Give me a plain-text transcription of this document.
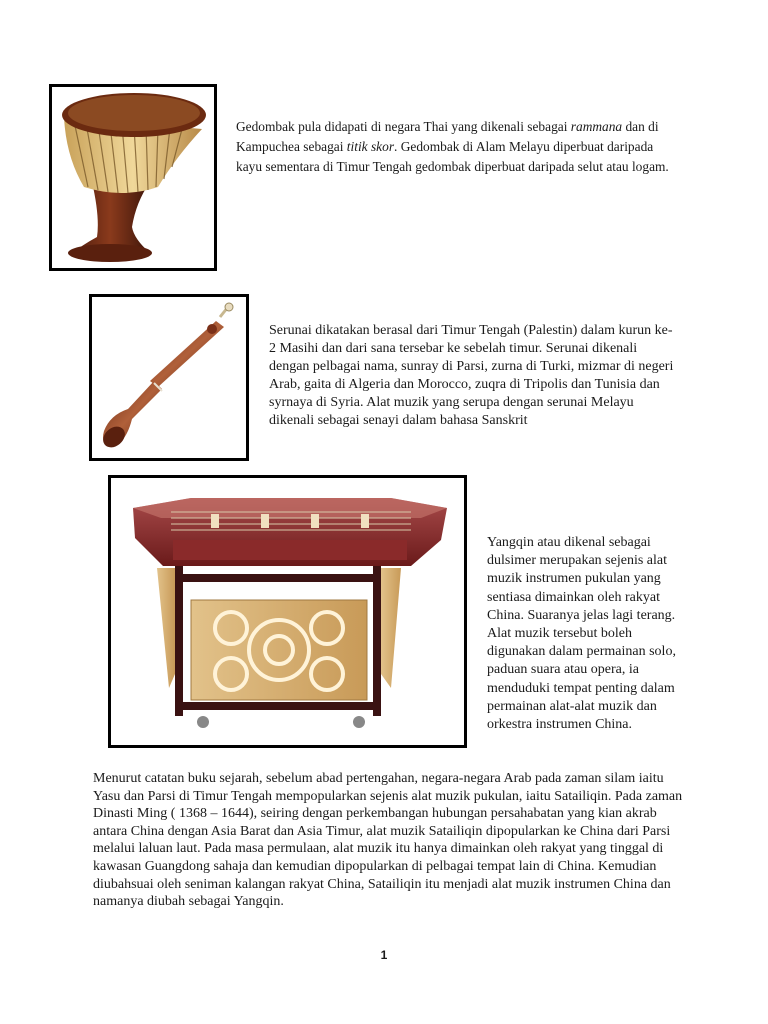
Gedombak pula didapati di negara Thai yang dikenali sebagai rammana dan di Kampuchea sebagai titik skor. Gedombak di Alam Melayu diperbuat daripada kayu sementara di Timur Tengah gedombak diperbuat daripada selut atau logam.

Serunai dikatakan berasal dari Timur Tengah (Palestin) dalam kurun ke-2 Masihi dan dari sana tersebar ke sebelah timur. Serunai dikenali dengan pelbagai nama, sunray di Parsi, zurna di Turki, mizmar di negeri Arab, gaita di Algeria dan Morocco, zuqra di Tripolis dan Tunisia dan syrnaya di Syria. Alat muzik yang serupa dengan serunai Melayu dikenali sebagai senayi dalam bahasa Sanskrit

Yangqin atau dikenal sebagai dulsimer merupakan sejenis alat muzik instrumen pukulan yang sentiasa dimainkan oleh rakyat China. Suaranya jelas lagi terang. Alat muzik tersebut boleh digunakan dalam permainan solo, paduan suara atau opera, ia menduduki tempat penting dalam permainan alat-alat muzik dan orkestra instrumen China.

Menurut catatan buku sejarah, sebelum abad pertengahan, negara-negara Arab pada zaman silam iaitu Yasu dan Parsi di Timur Tengah mempopularkan sejenis alat muzik pukulan, iaitu Satailiqin. Pada zaman Dinasti Ming ( 1368 – 1644), seiring dengan perkembangan hubungan persahabatan yang kian akrab antara China dengan Asia Barat dan Asia Timur, alat muzik Satailiqin dipopularkan ke China dari Parsi melalui laluan laut. Pada masa permulaan, alat muzik itu hanya dimainkan oleh rakyat yang tinggal di kawasan Guangdong sahaja dan kemudian dipopularkan di pelbagai tempat lain di China. Kemudian diubahsuai oleh seniman kalangan rakyat China, Satailiqin itu menjadi alat muzik instrumen China dan namanya diubah sebagai Yangqin.

1
